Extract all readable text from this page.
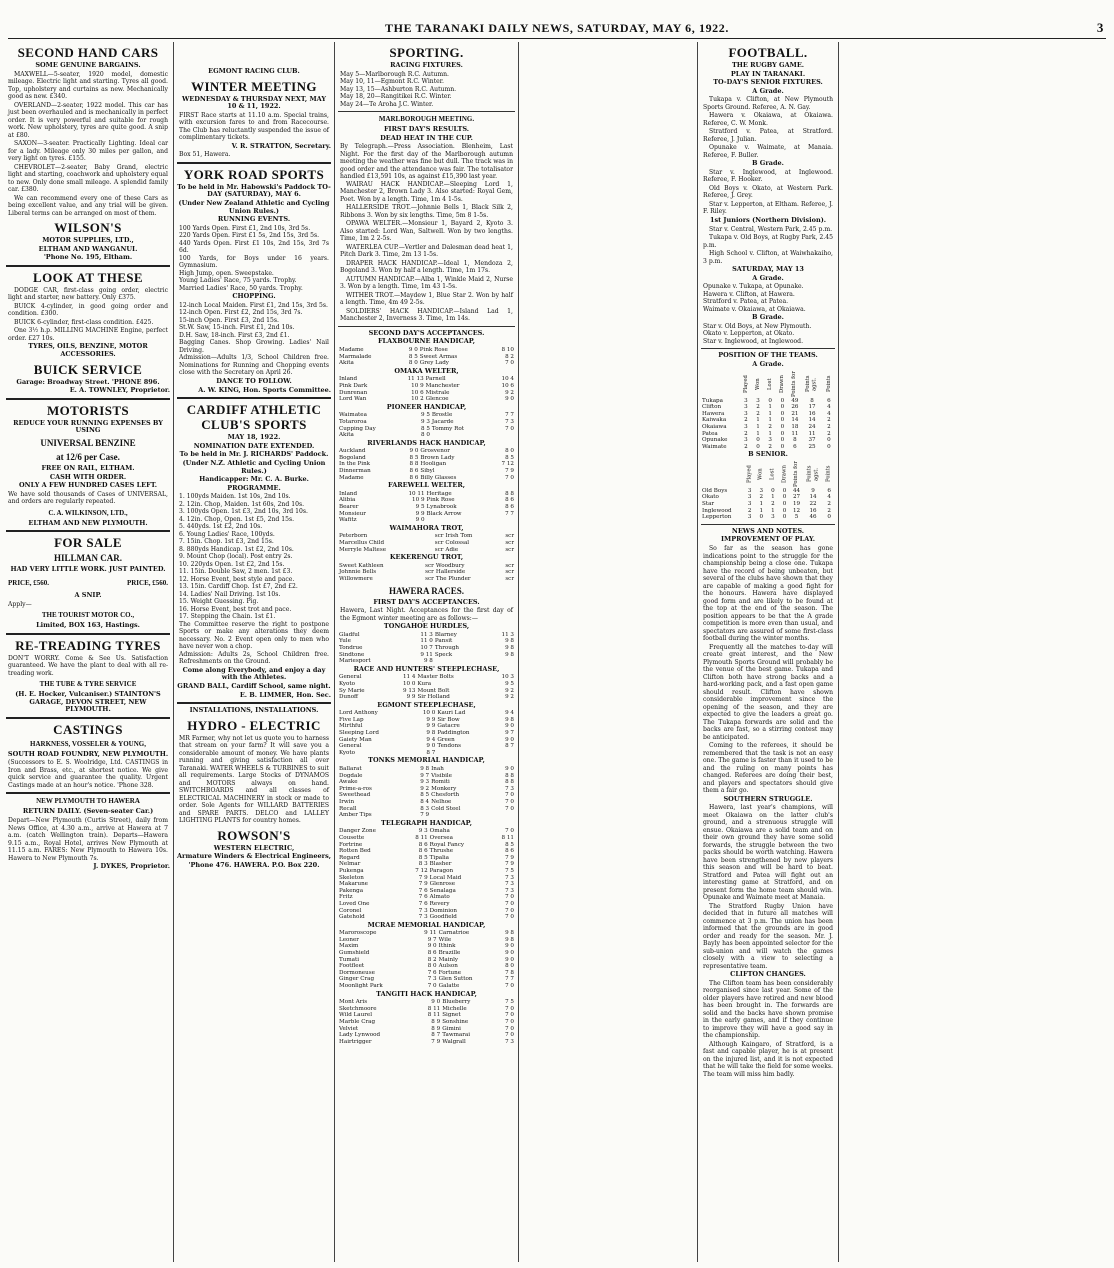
THE TARANAKI DAILY NEWS, SATURDAY, MAY 6, 1922.	3
SECOND HAND CARS
SOME GENUINE BARGAINS.

MAXWELL—5-seater, 1920 model, domestic mileage. Electric light and starting. Tyres all good. Top, upholstery and curtains as new. Mechanically good as new. £340.

OVERLAND—2-seater, 1922 model. This car has just been overhauled and is mechanically in perfect order. It is very powerful and suitable for rough work. New upholstery, tyres are quite good. A snip at £80.

SAXON—3-seater. Practically Lighting. Ideal car for a lady. Mileage only 30 miles per gallon, and very light on tyres. £155.

CHEVROLET—2-seater, Baby Grand, electric light and starting, coachwork and upholstery equal to new. Only done small mileage. A splendid family car. £380.

We can recommend every one of these Cars as being excellent value, and any trial will be given. Liberal terms can be arranged on most of them.

WILSON'S
MOTOR SUPPLIES, LTD.,
ELTHAM AND WANGANUI.
'Phone No. 195, Eltham.
LOOK AT THESE

DODGE CAR, first-class going order, electric light and starter, new battery. Only £375.

BUICK 4-cylinder, in good going order and condition. £300.

BUICK 6-cylinder, first-class condition. £425.

One 3½ h.p. MILLING MACHINE Engine, perfect order. £27 10s.

TYRES, OILS, BENZINE, MOTOR ACCESSORIES.
BUICK SERVICE
Garage: Broadway Street. 'PHONE 896.
E. A. TOWNLEY, Proprietor.
MOTORISTS
REDUCE YOUR RUNNING EXPENSES BY USING
UNIVERSAL BENZINE
at 12/6 per Case.
FREE ON RAIL, ELTHAM.
CASH WITH ORDER.
ONLY A FEW HUNDRED CASES LEFT.
We have sold thousands of Cases of UNIVERSAL, and orders are regularly repeated.
C. A. WILKINSON, LTD.,
ELTHAM AND NEW PLYMOUTH.
FOR SALE
HILLMAN CAR.
HAD VERY LITTLE WORK. JUST PAINTED.
PRICE, £560.	PRICE, £560.
A SNIP.
Apply—
THE TOURIST MOTOR CO.,
Limited, BOX 163, Hastings.
RE-TREADING TYRES
DON'T WORRY. Come & See Us. Satisfaction guaranteed. We have the plant to deal with all re-treading work.
THE TUBE & TYRE SERVICE
(H. E. Hocker, Vulcaniser.) STAINTON'S GARAGE, DEVON STREET, NEW PLYMOUTH.
CASTINGS
HARKNESS, VOSSELER & YOUNG,
SOUTH ROAD FOUNDRY, NEW PLYMOUTH.
(Successors to E. S. Woolridge, Ltd. CASTINGS in Iron and Brass, etc., at shortest notice. We give quick service and guarantee the quality. Urgent Castings made at an hour's notice. 'Phone 328.
NEW PLYMOUTH TO HAWERA
RETURN DAILY. (Seven-seater Car.)
Depart—New Plymouth (Curtis Street), daily from News Office, at 4.30 a.m., arrive at Hawera at 7 a.m. (catch Wellington train). Departs—Hawera 9.15 a.m., Royal Hotel, arrives New Plymouth at 11.15 a.m. FARES: New Plymouth to Hawera 10s. Hawera to New Plymouth 7s.
J. DYKES, Proprietor.
EGMONT RACING CLUB.
WINTER MEETING
WEDNESDAY & THURSDAY NEXT, MAY 10 & 11, 1922.
FIRST Race starts at 11.10 a.m. Special trains, with excursion fares to and from Racecourse. The Club has reluctantly suspended the issue of complimentary tickets.
V. R. STRATTON, Secretary.
Box 51, Hawera.
YORK ROAD SPORTS
To be held in Mr. Habowski's Paddock TO-DAY (SATURDAY), MAY 6.
(Under New Zealand Athletic and Cycling Union Rules.)
RUNNING EVENTS.
100 Yards Open. First £1, 2nd 10s, 3rd 5s.
220 Yards Open. First £1 5s, 2nd 15s, 3rd 5s.
440 Yards Open. First £1 10s, 2nd 15s, 3rd 7s 6d.
100 Yards, for Boys under 16 years. Gymnasium.
High Jump, open. Sweepstake.
Young Ladies' Race, 75 yards. Trophy.
Married Ladies' Race, 50 yards. Trophy.
CHOPPING.
12-inch Local Maiden. First £1, 2nd 15s, 3rd 5s.
12-inch Open. First £2, 2nd 15s, 3rd 7s.
15-inch Open. First £3, 2nd 15s.
St.W. Saw, 15-inch. First £1, 2nd 10s.
D.H. Saw, 18-inch. First £3, 2nd £1.
Bagging Canes. Shop Growing. Ladies' Nail Driving.
Admission—Adults 1/3, School Children free. Nominations for Running and Chopping events close with the Secretary on April 26.
DANCE TO FOLLOW.
A. W. KING, Hon. Sports Committee.
CARDIFF ATHLETIC CLUB'S SPORTS
MAY 18, 1922.
NOMINATION DATE EXTENDED.
To be held in Mr. J. RICHARDS' Paddock.
(Under N.Z. Athletic and Cycling Union Rules.)
Handicapper: Mr. C. A. Burke.
PROGRAMME.
1. 100yds Maiden. 1st 10s, 2nd 10s.
2. 12in. Chop, Maiden. 1st 60s, 2nd 10s.
3. 100yds Open. 1st £3, 2nd 10s, 3rd 10s.
4. 12in. Chop, Open. 1st £5, 2nd 15s.
5. 440yds. 1st £2, 2nd 10s.
6. Young Ladies' Race, 100yds.
7. 15in. Chop. 1st £3, 2nd 15s.
8. 880yds Handicap. 1st £2, 2nd 10s.
9. Mount Chop (local). Post entry 2s.
10. 220yds Open. 1st £2, 2nd 15s.
11. 15in. Double Saw, 2 men. 1st £3.
12. Horse Event, best style and pace.
13. 15in. Cardiff Chop. 1st £7, 2nd £2.
14. Ladies' Nail Driving. 1st 10s.
15. Weight Guessing. Pig.
16. Horse Event, best trot and pace.
17. Stepping the Chain. 1st £1.
The Committee reserve the right to postpone Sports or make any alterations they deem necessary. No. 2 Event open only to men who have never won a chop.
Admission: Adults 2s, School Children free. Refreshments on the Ground.
Come along Everybody, and enjoy a day with the Athletes.
GRAND BALL, Cardiff School, same night.
E. B. LIMMER, Hon. Sec.
INSTALLATIONS, INSTALLATIONS.
HYDRO - ELECTRIC
MR Farmer, why not let us quote you to harness that stream on your farm? It will save you a considerable amount of money. We have plants running and giving satisfaction all over Taranaki. WATER WHEELS & TURBINES to suit all requirements. Large Stocks of DYNAMOS and MOTORS always on hand. SWITCHBOARDS and all classes of ELECTRICAL MACHINERY in stock or made to order. Sole Agents for WILLARD BATTERIES and SPARE PARTS. DELCO and LALLEY LIGHTING PLANTS for country homes.
ROWSON'S
WESTERN ELECTRIC,
Armature Winders & Electrical Engineers,
'Phone 476. HAWERA. P.O. Box 220.
SPORTING.
RACING FIXTURES.
May 5—Marlborough R.C. Autumn.
May 10, 11—Egmont R.C. Winter.
May 13, 15—Ashburton R.C. Autumn.
May 18, 20—Rangitikei R.C. Winter.
May 24—Te Aroha J.C. Winter.
MARLBOROUGH MEETING.
FIRST DAY'S RESULTS.
DEAD HEAT IN THE CUP.
By Telegraph.—Press Association. Blenheim, Last Night. For the first day of the Marlborough autumn meeting the weather was fine but dull. The track was in good order and the attendance was fair. The totalisator handled £13,591 10s, as against £15,390 last year.

WAIRAU HACK HANDICAP.—Sleeping Lord 1, Manchester 2, Brown Lady 3. Also started: Royal Gem, Poet. Won by a length. Time, 1m 4 1-5s.

HALLERSIDE TROT.—Johnnie Bells 1, Black Silk 2, Ribbons 3. Won by six lengths. Time, 5m 8 1-5s.

OPAWA WELTER.—Monsieur 1, Bayard 2, Kyoto 3. Also started: Lord Wan, Saltwell. Won by two lengths. Time, 1m 2 2-5s.

WATERLEA CUP.—Vertler and Dalesman dead heat 1, Pitch Dark 3. Time, 2m 13 1-5s.

DRAPER HACK HANDICAP.—Ideal 1, Mendoza 2, Bogoland 3. Won by half a length. Time, 1m 17s.

AUTUMN HANDICAP.—Alba 1, Winkle Maid 2, Nurse 3. Won by a length. Time, 1m 43 1-5s.

WITHER TROT.—Maydew 1, Blue Star 2. Won by half a length. Time, 4m 49 2-5s.

SOLDIERS' HACK HANDICAP.—Island Lad 1, Manchester 2, Inverness 3. Time, 1m 14s.

SECOND DAY'S ACCEPTANCES.
FLAXBOURNE HANDICAP,
Madame	9 0	Pink Rose	8 10
Marmalade	8 5	Sweet Armas	8 2
Akita	8 0	Grey Lady	7 0
OMAKA WELTER,
Inland	11 13	Parnell	10 4
Pink Dark	10 9	Manchester	10 6
Dunrenan	10 6	Mistrale	9 2
Lord Wan	10 2	Glencoe	9 0
PIONEER HANDICAP,
Waimatea	9 5	Brostle	7 7
Totaroroa	9 3	Jacarde	7 3
Cupping Day	8 5	Tommy Rot	7 0
Akita	8 0		
RIVERLANDS HACK HANDICAP,
Auckland	9 0	Grosvenor	8 0
Bogoland	8 5	Brown Lady	8 5
In the Pink	8 8	Hooligan	7 12
Dinnerman	8 6	Sibyl	7 9
Madame	8 6	Billy Glasses	7 0
FAREWELL WELTER,
Inland	10 11	Heritage	8 8
Alibia	10 9	Pink Rose	8 6
Bearer	9 5	Lynabrook	8 6
Monsieur	9 9	Black Arrow	7 7
Wafitz	9 0		
WAIMAHORA TROT,
Peterborn	scr	Irish Tom	scr
Marcellus Child	scr	Colossal	scr
Merryle Maltese	scr	Adie	scr
KEKERENGU TROT,
Sweet Kathleen	scr	Woodbury	scr
Johnnie Bells	scr	Hallerside	scr
Willowmere	scr	The Plunder	scr
HAWERA RACES.
FIRST DAY'S ACCEPTANCES.
Hawera, Last Night. Acceptances for the first day of the Egmont winter meeting are as follows:—
TONGAHOE HURDLES,
Gladful	11 3	Blarney	11 3
Yule	11 0	Pansit	9 8
Tondrue	10 7	Through	9 8
Sindtone	9 11	Speck	9 8
Mariesport	9 8		
RACE AND HUNTERS' STEEPLECHASE,
General	11 4	Master Bolts	10 3
Kyoto	10 0	Kura	9 5
Sy Marie	9 13	Mount Bolt	9 2
Dunoff	9 9	Sir Holland	9 2
EGMONT STEEPLECHASE,
Lord Anthony	10 0	Kauri Lad	9 4
Five Lap	9 9	Sir Bow	9 8
Mirthful	9 9	Gatacre	9 0
Sleeping Lord	9 8	Paddington	9 7
Gaiety Man	9 4	Green	9 0
General	9 0	Tendons	8 7
Kyoto	8 7		
TONKS MEMORIAL HANDICAP,
Ballarat	9 8	Inah	9 0
Dogdale	9 7	Visibile	8 8
Awake	9 3	Romiti	8 8
Prime-a-ros	9 2	Monkery	7 3
Sweethead	8 5	Chesforth	7 0
Irwin	8 4	Nelhoe	7 0
Recall	8 3	Cold Steel	7 0
Amber Tips	7 9		
TELEGRAPH HANDICAP,
Danger Zone	9 3	Omaha	7 0
Cousette	8 11	Oversea	8 11
Fortrine	8 6	Royal Fancy	8 5
Rotten Bed	8 6	Thrushe	8 6
Regard	8 5	Tipalia	7 9
Nelmar	8 3	Blasher	7 9
Pukenga	7 12	Paragon	7 5
Skeleton	7 9	Local Maid	7 3
Makarune	7 9	Glenrose	7 3
Pakenga	7 6	Senalaga	7 3
Fritz	7 6	Almato	7 0
Loved One	7 6	Revery	7 0
Coronel	7 3	Dominion	7 0
Gatehold	7 3	Goodfield	7 0
MCRAE MEMORIAL HANDICAP,
Maroroscope	9 11	Carnatrioe	9 8
Leoner	9 7	Wile	9 8
Maxim	9 0	Ithink	9 0
Gumshield	8 6	Brazille	9 0
Tumati	8 2	Mainly	9 0
Footfleet	8 0	Aulson	8 0
Dormoneuse	7 6	Fortune	7 8
Ginger Crag	7 3	Glen Sutton	7 7
Moonlight Park	7 0	Galatte	7 0
TANGITI HACK HANDICAP,
Mont Aris	9 0	Blueberry	7 5
Sketchmoore	8 11	Michelle	7 0
Wild Laurel	8 11	Signet	7 0
Marble Crag	8 9	Sonshine	7 0
Velviet	8 9	Gimini	7 0
Lady Lynwood	8 7	Tawmarai	7 0
Hairtrigger	7 9	Walgrall	7 3

FOOTBALL.
THE RUGBY GAME.
PLAY IN TARANAKI.
TO-DAY'S SENIOR FIXTURES.
A Grade.

Tukapa v. Clifton, at New Plymouth Sports Ground. Referee, A. N. Gay.

Hawera v. Okaiawa, at Okaiawa. Referee, C. W. Monk.

Stratford v. Patea, at Stratford. Referee, J. Julian.

Opunake v. Waimate, at Manaia. Referee, F. Buller.

B Grade.

Star v. Inglewood, at Inglewood. Referee, F. Hooker.

Old Boys v. Okato, at Western Park. Referee, J. Grey.

Star v. Lepperton, at Eltham. Referee, J. F. Riley.

1st Juniors (Northern Division).

Star v. Central, Western Park, 2.45 p.m.

Tukapa v. Old Boys, at Rugby Park, 2.45 p.m.

High School v. Clifton, at Waiwhakaiho, 3 p.m.

SATURDAY, MAY 13
A Grade.
Opunake v. Tukapa, at Opunake.
Hawera v. Clifton, at Hawera.
Stratford v. Patea, at Patea.
Waimate v. Okaiawa, at Okaiawa.
B Grade.
Star v. Old Boys, at New Plymouth.
Okato v. Lepperton, at Okato.
Star v. Inglewood, at Inglewood.
POSITION OF THE TEAMS.
A Grade.
	Played	Won	Lost	Drawn	Points for	Points agst.	Points
Tukapa	3	3	0	0	49	8	6
Clifton	3	2	1	0	26	17	4
Hawera	3	2	1	0	21	16	4
Kaiwaka	2	1	1	0	14	14	2
Okaiawa	3	1	2	0	18	24	2
Patea	2	1	1	0	11	11	2
Opunake	3	0	3	0	8	37	0
Waimate	2	0	2	0	6	25	0
B SENIOR.
	Played	Won	Lost	Drawn	Points for	Points agst.	Points
Old Boys	3	3	0	0	44	9	6
Okato	3	2	1	0	27	14	4
Star	3	1	2	0	19	22	2
Inglewood	2	1	1	0	12	16	2
Lepperton	3	0	3	0	5	46	0
NEWS AND NOTES.
IMPROVEMENT OF PLAY.

So far as the season has gone indications point to the struggle for the championship being a close one. Tukapa have the record of being unbeaten, but several of the clubs have shown that they are capable of making a good fight for the honours. Hawera have displayed good form and are likely to be found at the top at the end of the season. The position appears to be that the A grade competition is more even than usual, and spectators are assured of some first-class football during the winter months.

Frequently all the matches to-day will create great interest, and the New Plymouth Sports Ground will probably be the venue of the best game. Tukapa and Clifton both have strong backs and a hard-working pack, and a fast open game should result. Clifton have shown considerable improvement since the opening of the season, and they are expected to give the leaders a great go. The Tukapa forwards are solid and the backs are fast, so a stirring contest may be anticipated.

Coming to the referees, it should be remembered that the task is not an easy one. The game is faster than it used to be and the ruling on many points has changed. Referees are doing their best, and players and spectators should give them a fair go.

SOUTHERN STRUGGLE.

Hawera, last year's champions, will meet Okaiawa on the latter club's ground, and a strenuous struggle will ensue. Okaiawa are a solid team and on their own ground they have some solid forwards, the struggle between the two packs should be worth watching. Hawera have been strengthened by new players this season and will be hard to beat. Stratford and Patea will fight out an interesting game at Stratford, and on present form the home team should win. Opunake and Waimate meet at Manaia.

The Stratford Rugby Union have decided that in future all matches will commence at 3 p.m. The union has been informed that the grounds are in good order and ready for the season. Mr. J. Bayly has been appointed selector for the sub-union and will watch the games closely with a view to selecting a representative team.

CLIFTON CHANGES.

The Clifton team has been considerably reorganised since last year. Some of the older players have retired and new blood has been brought in. The forwards are solid and the backs have shown promise in the early games, and if they continue to improve they will have a good say in the championship.

Although Kaingaro, of Stratford, is a fast and capable player, he is at present on the injured list, and it is not expected that he will take the field for some weeks. The team will miss him badly.
